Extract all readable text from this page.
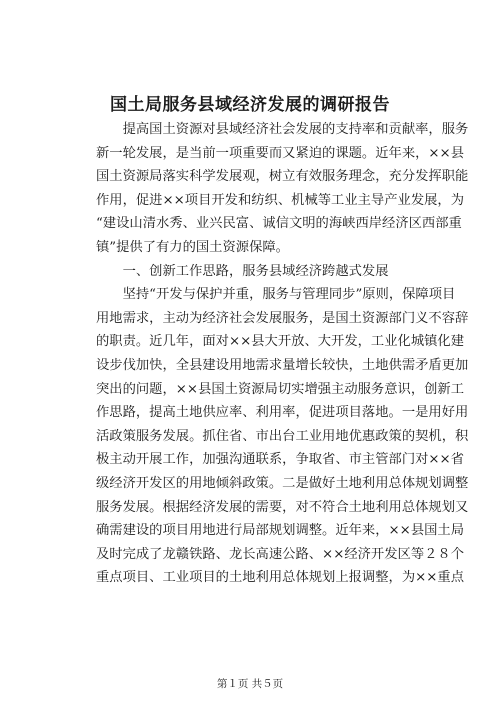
国土局服务县域经济发展的调研报告
　　提高国土资源对县域经济社会发展的支持率和贡献率，服务
新一轮发展，是当前一项重要而又紧迫的课题。近年来，××县
国土资源局落实科学发展观，树立有效服务理念，充分发挥职能
作用，促进××项目开发和纺织、机械等工业主导产业发展，为
“建设山清水秀、业兴民富、诚信文明的海峡西岸经济区西部重
镇”提供了有力的国土资源保障。
　　一、创新工作思路，服务县域经济跨越式发展
　　坚持“开发与保护并重，服务与管理同步”原则，保障项目
用地需求，主动为经济社会发展服务，是国土资源部门义不容辞
的职责。近几年，面对××县大开放、大开发，工业化城镇化建
设步伐加快，全县建设用地需求量增长较快，土地供需矛盾更加
突出的问题，××县国土资源局切实增强主动服务意识，创新工
作思路，提高土地供应率、利用率，促进项目落地。一是用好用
活政策服务发展。抓住省、市出台工业用地优惠政策的契机，积
极主动开展工作，加强沟通联系，争取省、市主管部门对××省
级经济开发区的用地倾斜政策。二是做好土地利用总体规划调整
服务发展。根据经济发展的需要，对不符合土地利用总体规划又
确需建设的项目用地进行局部规划调整。近年来，××县国土局
及时完成了龙赣铁路、龙长高速公路、××经济开发区等２８个
重点项目、工业项目的土地利用总体规划上报调整，为××重点
第１页 共５页
